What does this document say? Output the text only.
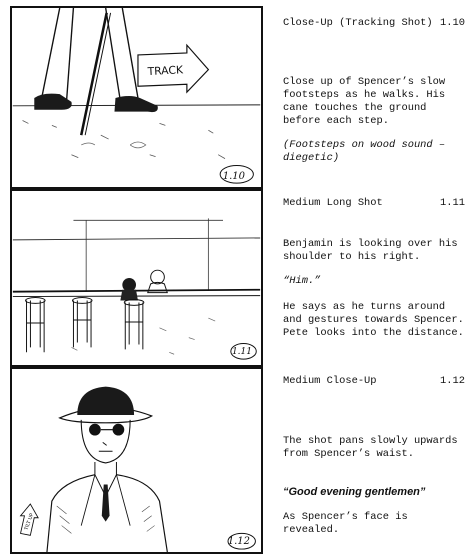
TRACK
1.10
1.11
TILT UP
1.12
Close-Up (Tracking Shot) 1.10

Close up of Spencer’s slow footsteps as he walks. His cane touches the ground before each step.

(Footsteps on wood sound – diegetic)

Medium Long Shot	1.11

Benjamin is looking over his shoulder to his right.

“Him.”

He says as he turns around and gestures towards Spencer. Pete looks into the distance.

Medium Close-Up	1.12

The shot pans slowly upwards from Spencer’s waist.

“Good evening gentlemen”

As Spencer’s face is revealed.
